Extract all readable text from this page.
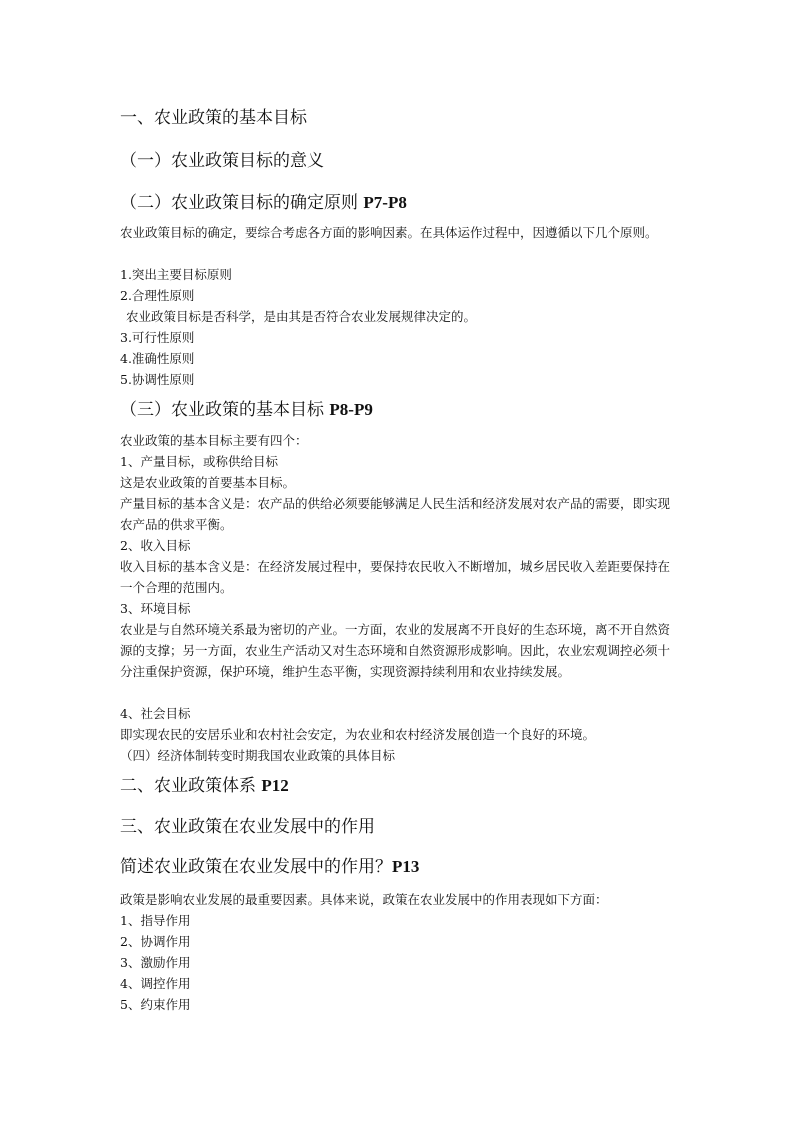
一、农业政策的基本目标
（一）农业政策目标的意义
（二）农业政策目标的确定原则 P7-P8
农业政策目标的确定，要综合考虑各方面的影响因素。在具体运作过程中，因遵循以下几个原则。
1.突出主要目标原则
2.合理性原则
农业政策目标是否科学，是由其是否符合农业发展规律决定的。
3.可行性原则
4.准确性原则
5.协调性原则
（三）农业政策的基本目标 P8-P9
农业政策的基本目标主要有四个：
1、产量目标，或称供给目标
这是农业政策的首要基本目标。
产量目标的基本含义是：农产品的供给必须要能够满足人民生活和经济发展对农产品的需要，即实现农产品的供求平衡。
2、收入目标
收入目标的基本含义是：在经济发展过程中，要保持农民收入不断增加，城乡居民收入差距要保持在一个合理的范围内。
3、环境目标
农业是与自然环境关系最为密切的产业。一方面，农业的发展离不开良好的生态环境，离不开自然资源的支撑；另一方面，农业生产活动又对生态环境和自然资源形成影响。因此，农业宏观调控必须十分注重保护资源，保护环境，维护生态平衡，实现资源持续利用和农业持续发展。
4、社会目标
即实现农民的安居乐业和农村社会安定，为农业和农村经济发展创造一个良好的环境。
（四）经济体制转变时期我国农业政策的具体目标
二、农业政策体系 P12
三、农业政策在农业发展中的作用
简述农业政策在农业发展中的作用？P13
政策是影响农业发展的最重要因素。具体来说，政策在农业发展中的作用表现如下方面：
1、指导作用
2、协调作用
3、激励作用
4、调控作用
5、约束作用
